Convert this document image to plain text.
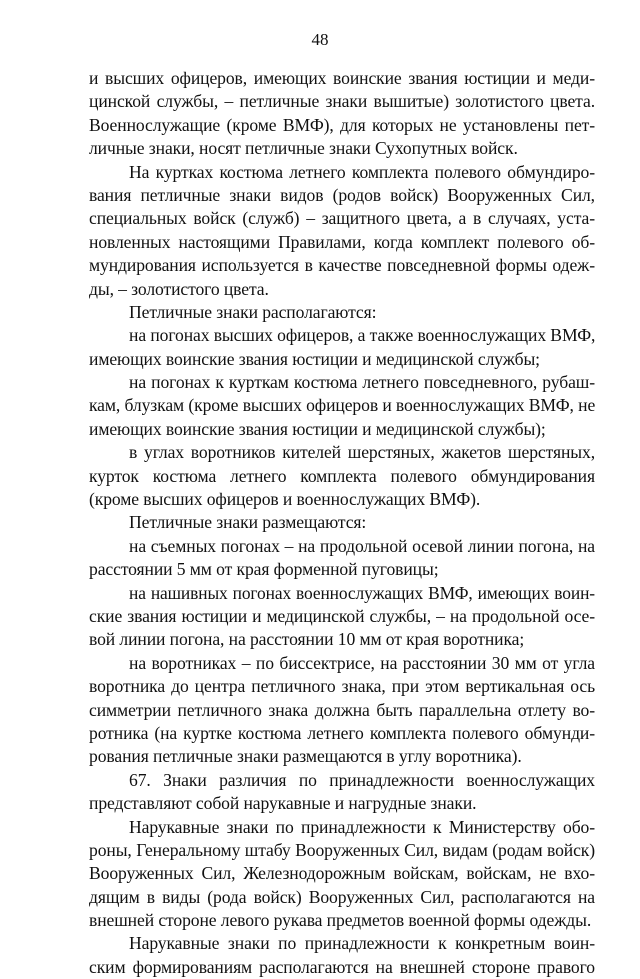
48
и высших офицеров, имеющих воинские звания юстиции и меди-
цинской службы, – петличные знаки вышитые) золотистого цвета.
Военнослужащие (кроме ВМФ), для которых не установлены пет-
личные знаки, носят петличные знаки Сухопутных войск.
На куртках костюма летнего комплекта полевого обмундиро-
вания петличные знаки видов (родов войск) Вооруженных Сил,
специальных войск (служб) – защитного цвета, а в случаях, уста-
новленных настоящими Правилами, когда комплект полевого об-
мундирования используется в качестве повседневной формы одеж-
ды, – золотистого цвета.
Петличные знаки располагаются:
на погонах высших офицеров, а также военнослужащих ВМФ,
имеющих воинские звания юстиции и медицинской службы;
на погонах к курткам костюма летнего повседневного, рубаш-
кам, блузкам (кроме высших офицеров и военнослужащих ВМФ, не
имеющих воинские звания юстиции и медицинской службы);
в углах воротников кителей шерстяных, жакетов шерстяных,
курток костюма летнего комплекта полевого обмундирования
(кроме высших офицеров и военнослужащих ВМФ).
Петличные знаки размещаются:
на съемных погонах – на продольной осевой линии погона, на
расстоянии 5 мм от края форменной пуговицы;
на нашивных погонах военнослужащих ВМФ, имеющих воин-
ские звания юстиции и медицинской службы, – на продольной осе-
вой линии погона, на расстоянии 10 мм от края воротника;
на воротниках – по биссектрисе, на расстоянии 30 мм от угла
воротника до центра петличного знака, при этом вертикальная ось
симметрии петличного знака должна быть параллельна отлету во-
ротника (на куртке костюма летнего комплекта полевого обмунди-
рования петличные знаки размещаются в углу воротника).
67. Знаки различия по принадлежности военнослужащих
представляют собой нарукавные и нагрудные знаки.
Нарукавные знаки по принадлежности к Министерству обо-
роны, Генеральному штабу Вооруженных Сил, видам (родам войск)
Вооруженных Сил, Железнодорожным войскам, войскам, не вхо-
дящим в виды (рода войск) Вооруженных Сил, располагаются на
внешней стороне левого рукава предметов военной формы одежды.
Нарукавные знаки по принадлежности к конкретным воин-
ским формированиям располагаются на внешней стороне правого
